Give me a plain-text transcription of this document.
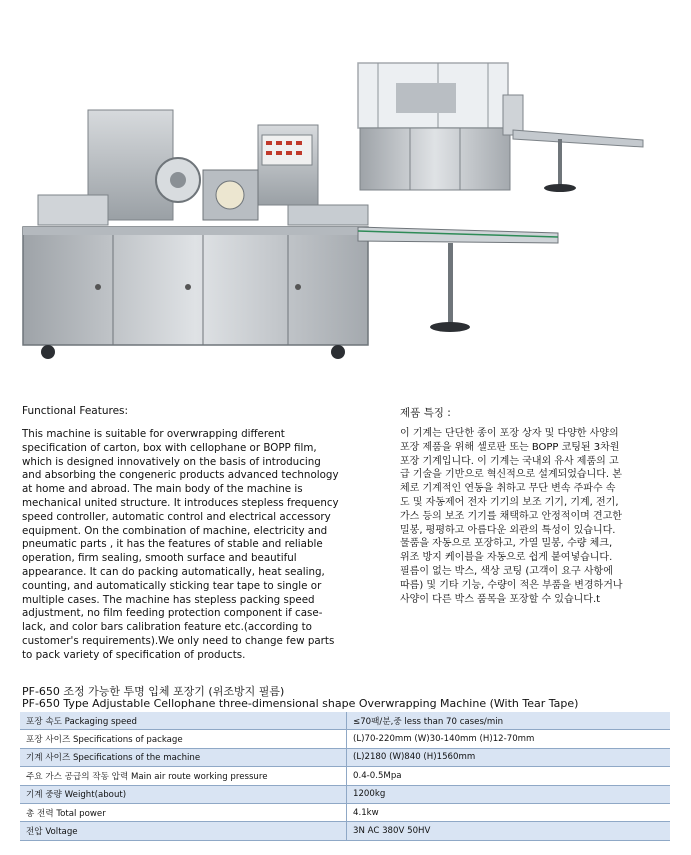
Functional Features:
This machine is suitable for overwrapping different
specification of carton, box with cellophane or BOPP film,
which is designed innovatively on the basis of introducing
and absorbing the congeneric products advanced technology
at home and abroad. The main body of the machine is
mechanical united structure. It introduces stepless frequency
speed controller, automatic control and electrical accessory
equipment. On the combination of machine, electricity and
pneumatic parts , it has the features of stable and reliable
operation, firm sealing, smooth surface and beautiful
appearance. It can do packing automatically, heat sealing,
counting, and automatically sticking tear tape to single or
multiple cases. The machine has stepless packing speed
adjustment, no film feeding protection component if case-
lack, and color bars calibration feature etc.(according to
customer's requirements).We only need to change few parts
to pack variety of specification of products.
제품 특징 :
이 기계는 단단한 종이 포장 상자 및 다양한 사양의
포장 제품을 위해 셀로판 또는 BOPP 코팅된 3차원
포장 기계입니다. 이 기계는 국내외 유사 제품의 고
급 기술을 기반으로 혁신적으로 설계되었습니다. 본
체로 기계적인 연동을 취하고 무단 변속 주파수 속
도 및 자동제어 전자 기기의 보조 기기, 기계, 전기,
가스 등의 보조 기기를 채택하고 안정적이며 견고한
밀봉, 평평하고 아름다운 외관의 특성이 있습니다.
물품을 자동으로 포장하고, 가열 밀봉, 수량 체크,
위조 방지 케이블을 자동으로 쉽게 붙여넣습니다.
필름이 없는 박스, 색상 코팅 (고객이 요구 사항에
따름) 및 기타 기능, 수량이 적은 부품을 변경하거나
사양이 다른 박스 품목을 포장할 수 있습니다.t
PF-650 조정 가능한 투명 입체 포장기 (위조방지 필름)
PF-650 Type Adjustable Cellophane three-dimensional shape Overwrapping Machine (With Tear Tape)
포장 속도 Packaging speed	≤70팩/분,중 less than 70 cases/min
포장 사이즈 Specifications of package	(L)70-220mm (W)30-140mm (H)12-70mm
기계 사이즈 Specifications of the machine	(L)2180 (W)840 (H)1560mm
주요 가스 공급의 작동 압력 Main air route working pressure	0.4-0.5Mpa
기계 중량 Weight(about)	1200kg
총 전력 Total power	4.1kw
전압 Voltage	3N AC 380V 50HV
